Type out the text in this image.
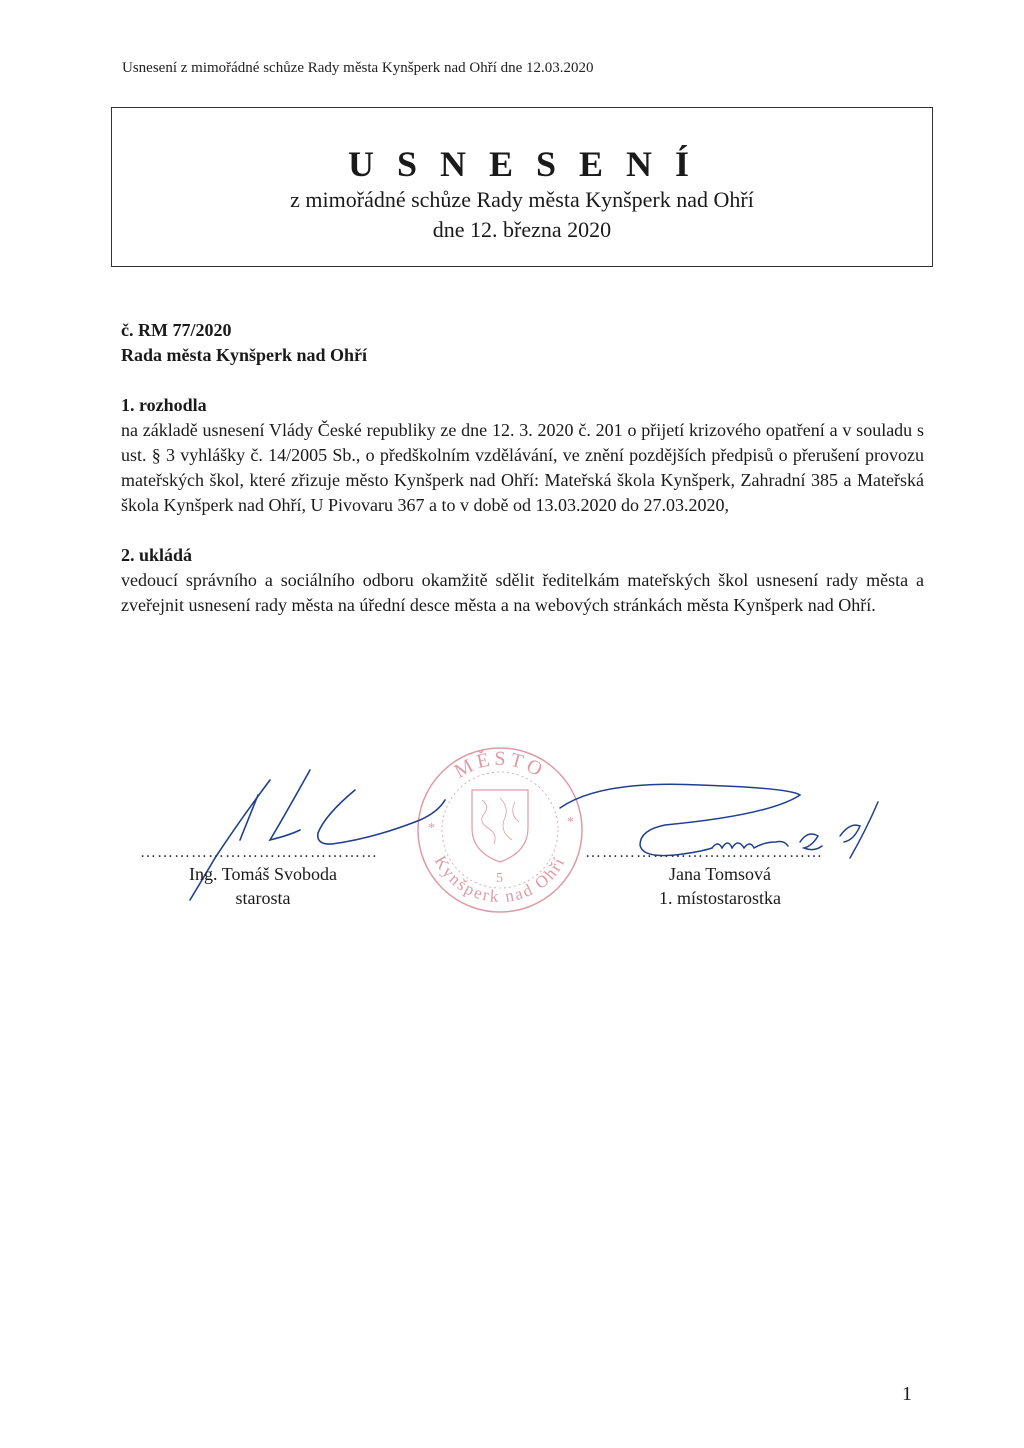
Usnesení z mimořádné schůze Rady města Kynšperk nad Ohří dne 12.03.2020
U S N E S E N Í
z mimořádné schůze Rady města Kynšperk nad Ohří
dne 12. března 2020
č. RM 77/2020
Rada města Kynšperk nad Ohří
1. rozhodla
na základě usnesení Vlády České republiky ze dne 12. 3. 2020 č. 201 o přijetí krizového opatření a v souladu s ust. § 3 vyhlášky č. 14/2005 Sb., o předškolním vzdělávání, ve znění pozdějších předpisů o přerušení provozu mateřských škol, které zřizuje město Kynšperk nad Ohří: Mateřská škola Kynšperk, Zahradní 385 a Mateřská škola Kynšperk nad Ohří, U Pivovaru 367 a to v době od 13.03.2020 do 27.03.2020,
2. ukládá
vedoucí správního a sociálního odboru okamžitě sdělit ředitelkám mateřských škol usnesení rady města a zveřejnit usnesení rady města na úřední desce města a na webových stránkách města Kynšperk nad Ohří.
MĚSTO
Kynšperk nad Ohří
*	*
5
……………………………………	……………………………………
Ing. Tomáš Svoboda
starosta
Jana Tomsová
1. místostarostka
1
